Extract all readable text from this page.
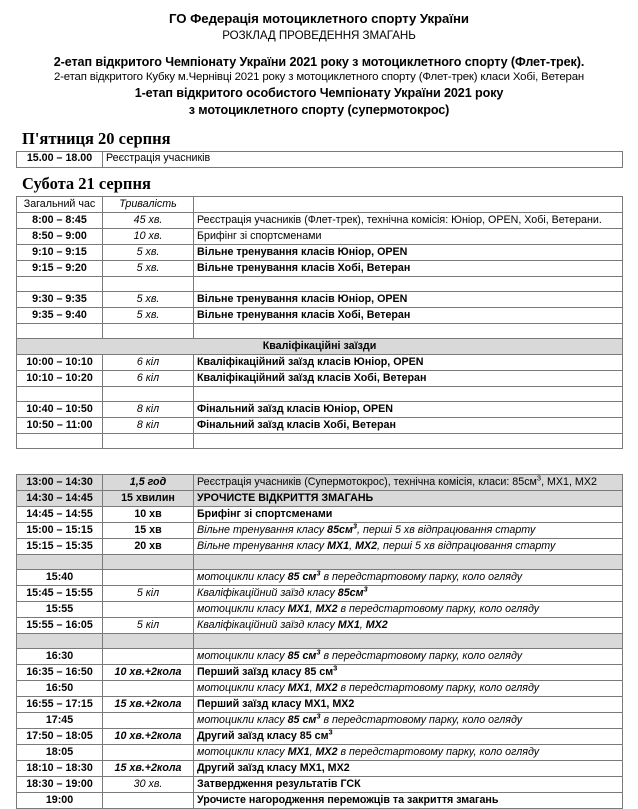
ГО Федерація мотоциклетного спорту України
РОЗКЛАД ПРОВЕДЕННЯ ЗМАГАНЬ
2-етап відкритого Чемпіонату України 2021 року з мотоциклетного спорту (Флет-трек).
2-етап відкритого Кубку м.Чернівці 2021 року з мотоциклетного спорту (Флет-трек) класи Хобі, Ветеран
1-етап відкритого особистого Чемпіонату України 2021 року
з мотоциклетного спорту (супермотокрос)
П'ятниця 20 серпня
15.00 – 18.00	Реєстрація учасників
Субота 21 серпня
Загальний час	Тривалість	
8:00 – 8:45	45 хв.	Реєстрація учасників (Флет-трек), технічна комісія: Юніор, OPEN, Хобі, Ветерани.
8:50 – 9:00	10 хв.	Брифінг зі спортсменами
9:10 – 9:15	5 хв.	Вільне тренування класів Юніор, OPEN
9:15 – 9:20	5 хв.	Вільне тренування класів Хобі, Ветеран

9:30 – 9:35	5 хв.	Вільне тренування класів Юніор, OPEN
9:35 – 9:40	5 хв.	Вільне тренування класів Хобі, Ветеран

Кваліфікаційні заїзди		
10:00 – 10:10	6 кіл	Кваліфікаційний заїзд класів Юніор, OPEN
10:10 – 10:20	6 кіл	Кваліфікаційний заїзд класів Хобі, Ветеран

10:40 – 10:50	8 кіл	Фінальний заїзд класів Юніор, OPEN
10:50 – 11:00	8 кіл	Фінальний заїзд класів Хобі, Ветеран

13:00 – 14:30	1,5 год	Реєстрація учасників (Супермотокрос), технічна комісія, класи: $85см^3$, MX1, MX2
14:30 – 14:45	15 хвилин	УРОЧИСТЕ ВІДКРИТТЯ ЗМАГАНЬ
14:45 – 14:55	10 хв	Брифінг зі спортсменами
15:00 – 15:15	15 хв	Вільне тренування класу $85см^3$, перші 5 хв відпрацювання старту
15:15 – 15:35	20 хв	Вільне тренування класу MX1, MX2, перші 5 хв відпрацювання старту

15:40		мотоцикли класу 85 $см^3$ в передстартовому парку, коло огляду
15:45 – 15:55	5 кіл	Кваліфікаційний заїзд класу $85см^3$
15:55		мотоцикли класу MX1, MX2 в передстартовому парку, коло огляду
15:55 – 16:05	5 кіл	Кваліфікаційний заїзд класу MX1, MX2

16:30		мотоцикли класу 85 $см^3$ в передстартовому парку, коло огляду
16:35 – 16:50	10 хв.+2кола	Перший заїзд класу 85 $см^3$
16:50		мотоцикли класу MX1, MX2 в передстартовому парку, коло огляду
16:55 – 17:15	15 хв.+2кола	Перший заїзд класу MX1, MX2
17:45		мотоцикли класу 85 $см^3$ в передстартовому парку, коло огляду
17:50 – 18:05	10 хв.+2кола	Другий заїзд класу 85 $см^3$
18:05		мотоцикли класу MX1, MX2 в передстартовому парку, коло огляду
18:10 – 18:30	15 хв.+2кола	Другий заїзд класу MX1, MX2
18:30 – 19:00	30 хв.	Затвердження результатів ГСК
19:00		Урочисте нагородження переможців та закриття змагань
